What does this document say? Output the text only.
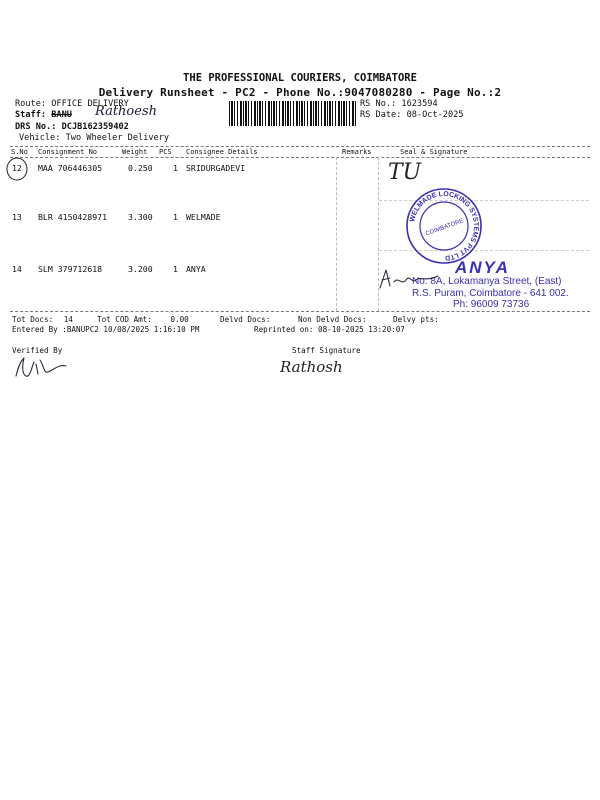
THE PROFESSIONAL COURIERS, COIMBATORE
Delivery Runsheet - PC2 - Phone No.:9047080280 - Page No.:2
Route: OFFICE DELIVERY
Staff: BANU Rathoesh
DRS No.: DCJB162359402
Vehicle: Two Wheeler Delivery
RS No.: 1623594
RS Date: 08-Oct-2025
S.No Consignment No	Weight PCS Consignee Details	Remarks	Seal & Signature
12 MAA 706446305	0.250 1 SRIDURGADEVI
13 BLR 4150428971	3.300 1 WELMADE
14 SLM 379712618	3.200 1 ANYA
TU
WELMADE LOCKING SYSTEMS PVT LTD
COIMBATORE
ANYA
No: 8A, Lokamanya Street, (East)
R.S. Puram, Coimbatore - 641 002.
Ph: 96009 73736
Tot Docs: 14	Tot COD Amt: 0.00	Delvd Docs:	Non Delvd Docs:	Delvy pts:
Entered By :BANUPC2 10/08/2025 1:16:10 PM	Reprinted on: 08-10-2025 13:20:07
Verified By	Staff Signature
Rathosh
